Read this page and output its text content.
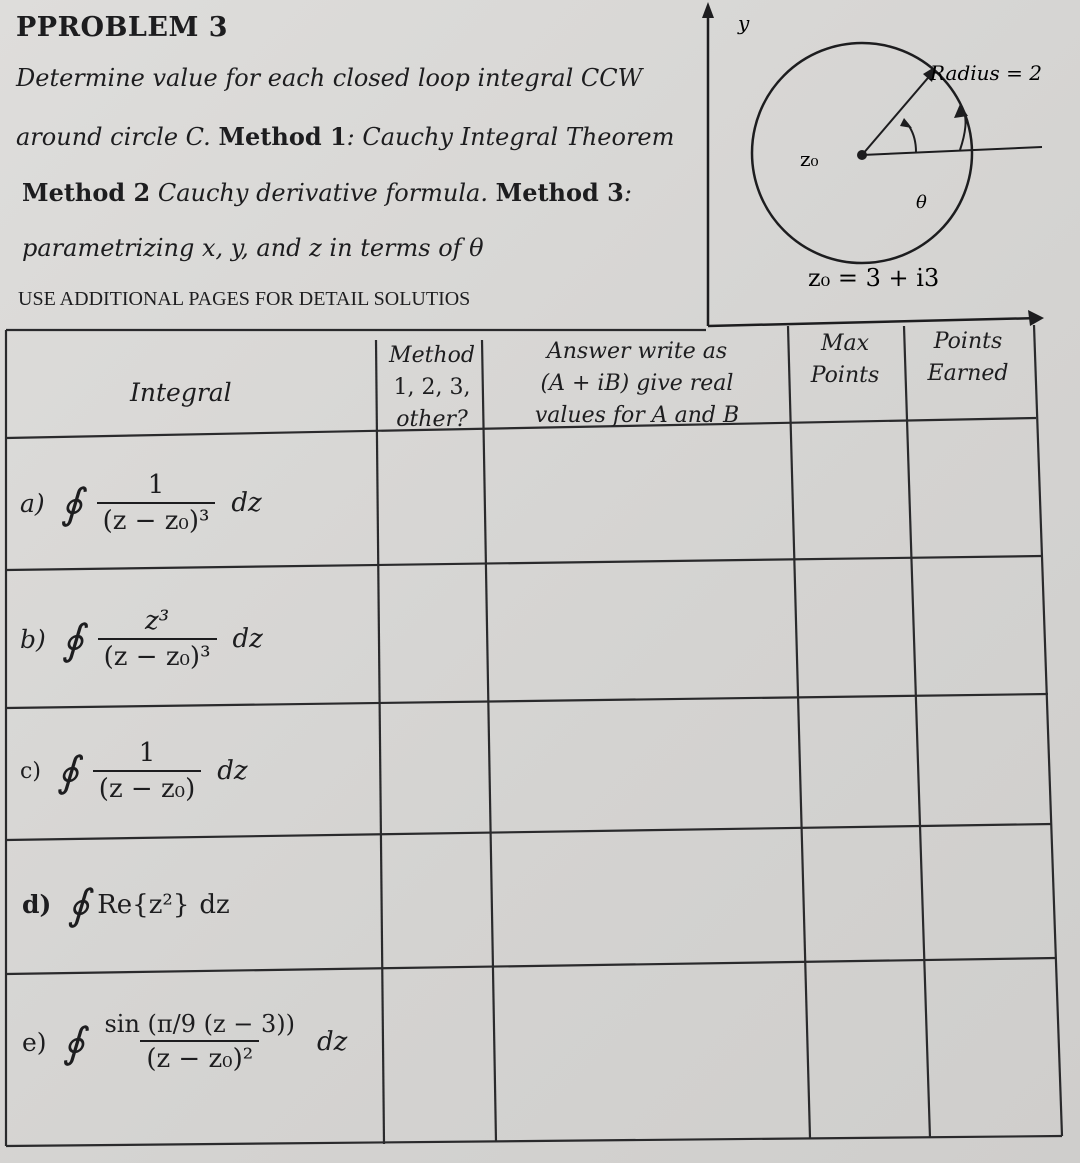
PPROBLEM 3
Determine value for each closed loop integral CCW
around circle C. Method 1: Cauchy Integral Theorem
Method 2 Cauchy derivative formula. Method 3:
parametrizing x, y, and z in terms of θ
USE ADDITIONAL PAGES FOR DETAIL SOLUTIOS
y
Radius = 2
z₀
θ
z₀ = 3 + i3
Integral
Method
1, 2, 3,
other?
Answer write as
(A + iB) give real
values for A and B
Max
Points
Points
Earned
a) ∮ $\frac{1}{\text{(z − z₀)³}}$ dz
b) ∮ $\frac{\text{z³}}{\text{(z − z₀)³}}$ dz
c) ∮ $\frac{1}{\text{(z − z₀)}}$ dz
d) ∮ Re{z²} dz
e) ∮ $\frac{\sin (\pi/9 (z - 3))}{\text{(z − z₀)²}}$ dz
